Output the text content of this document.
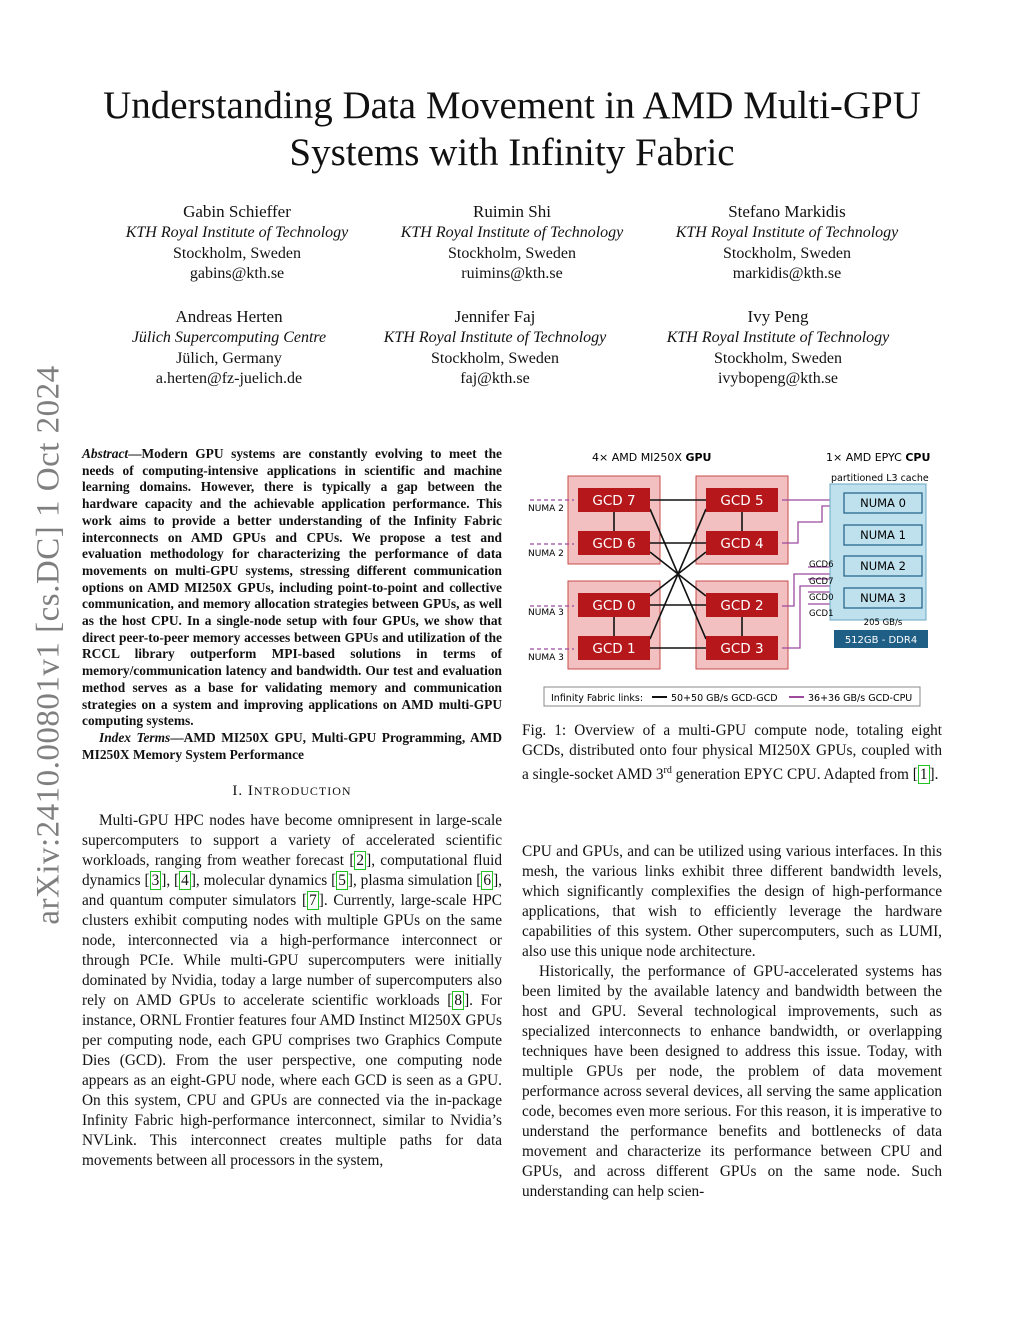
arXiv:2410.00801v1 [cs.DC] 1 Oct 2024
Understanding Data Movement in AMD Multi-GPU
Systems with Infinity Fabric
Gabin Schieffer
KTH Royal Institute of Technology
Stockholm, Sweden
gabins@kth.se
Ruimin Shi
KTH Royal Institute of Technology
Stockholm, Sweden
ruimins@kth.se
Stefano Markidis
KTH Royal Institute of Technology
Stockholm, Sweden
markidis@kth.se
Andreas Herten
Jülich Supercomputing Centre
Jülich, Germany
a.herten@fz-juelich.de
Jennifer Faj
KTH Royal Institute of Technology
Stockholm, Sweden
faj@kth.se
Ivy Peng
KTH Royal Institute of Technology
Stockholm, Sweden
ivybopeng@kth.se

Abstract—Modern GPU systems are constantly evolving to meet the needs of computing-intensive applications in scientific and machine learning domains. However, there is typically a gap between the hardware capacity and the achievable application performance. This work aims to provide a better understanding of the Infinity Fabric interconnects on AMD GPUs and CPUs. We propose a test and evaluation methodology for characterizing the performance of data movements on multi-GPU systems, stressing different communication options on AMD MI250X GPUs, including point-to-point and collective communication, and memory allocation strategies between GPUs, as well as the host CPU. In a single-node setup with four GPUs, we show that direct peer-to-peer memory accesses between GPUs and utilization of the RCCL library outperform MPI-based solutions in terms of memory/communication latency and bandwidth. Our test and evaluation method serves as a base for validating memory and communication strategies on a system and improving applications on AMD multi-GPU computing systems.

Index Terms—AMD MI250X GPU, Multi-GPU Programming, AMD MI250X Memory System Performance

I. INTRODUCTION

Multi-GPU HPC nodes have become omnipresent in large-scale supercomputers to support a variety of accelerated scientific workloads, ranging from weather forecast [ 2 ], computational fluid dynamics [ 3 ], [ 4 ], molecular dynamics [ 5 ], plasma simulation [ 6 ], and quantum computer simulators [ 7 ]. Currently, large-scale HPC clusters exhibit computing nodes with multiple GPUs on the same node, interconnected via a high-performance interconnect or through PCIe. While multi-GPU supercomputers were initially dominated by Nvidia, today a large number of supercomputers also rely on AMD GPUs to accelerate scientific workloads [ 8 ]. For instance, ORNL Frontier features four AMD Instinct MI250X GPUs per computing node, each GPU comprises two Graphics Compute Dies (GCD). From the user perspective, one computing node appears as an eight-GPU node, where each GCD is seen as a GPU. On this system, CPU and GPUs are connected via the in-package Infinity Fabric high-performance interconnect, similar to Nvidia’s NVLink. This interconnect creates multiple paths for data movements between all processors in the system,

4× AMD MI250X GPU	1× AMD EPYC CPU
partitioned L3 cache
GCD 7
GCD 6
GCD 0
GCD 1
GCD 5
GCD 4
GCD 2
GCD 3
NUMA 2
NUMA 2
NUMA 3
NUMA 3
NUMA 0
NUMA 1
NUMA 2
NUMA 3
205 GB/s
512GB - DDR4
GCD6
GCD7
GCD0
GCD1
Infinity Fabric links:	50+50 GB/s GCD-GCD	36+36 GB/s GCD-CPU
Fig. 1: Overview of a multi-GPU compute node, totaling eight GCDs, distributed onto four physical MI250X GPUs, coupled with a single-socket AMD 3rd generation EPYC CPU. Adapted from [ 1 ].

CPU and GPUs, and can be utilized using various interfaces. In this mesh, the various links exhibit three different bandwidth levels, which significantly complexifies the design of high-performance applications, that wish to efficiently leverage the hardware capabilities of this system. Other supercomputers, such as LUMI, also use this unique node architecture.

Historically, the performance of GPU-accelerated systems has been limited by the available latency and bandwidth between the host and GPU. Several technological improvements, such as specialized interconnects to enhance bandwidth, or overlapping techniques have been designed to address this issue. Today, with multiple GPUs per node, the problem of data movement performance across several devices, all serving the same application code, becomes even more serious. For this reason, it is imperative to understand the performance benefits and bottlenecks of data movement and characterize its performance between CPU and GPUs, and across different GPUs on the same node. Such understanding can help scien-
